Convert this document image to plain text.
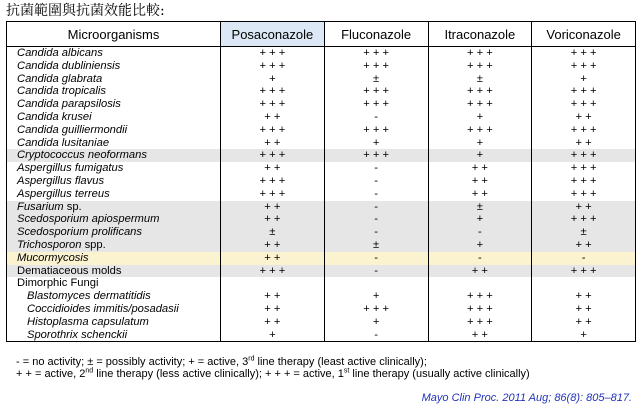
抗菌範圍與抗菌效能比較:
Microorganisms	Posaconazole	Fluconazole	Itraconazole	Voriconazole
Candida albicans	+ + +	+ + +	+ + +	+ + +
Candida dubliniensis	+ + +	+ + +	+ + +	+ + +
Candida glabrata	+	±	±	+
Candida tropicalis	+ + +	+ + +	+ + +	+ + +
Candida parapsilosis	+ + +	+ + +	+ + +	+ + +
Candida krusei	+ +	-	+	+ +
Candida guilliermondii	+ + +	+ + +	+ + +	+ + +
Candida lusitaniae	+ +	+	+	+ +
Cryptococcus neoformans	+ + +	+ + +	+	+ + +
Aspergillus fumigatus	+ +	-	+ +	+ + +
Aspergillus flavus	+ + +	-	+ +	+ + +
Aspergillus terreus	+ + +	-	+ +	+ + +
Fusarium sp.	+ +	-	±	+ +
Scedosporium apiospermum	+ +	-	+	+ + +
Scedosporium prolificans	±	-	-	±
Trichosporon spp.	+ +	±	+	+ +
Mucormycosis	+ +	-	-	-
Dematiaceous molds	+ + +	-	+ +	+ + +
Dimorphic Fungi				
Blastomyces dermatitidis	+ +	+	+ + +	+ +
Coccidioides immitis/posadasii	+ +	+ + +	+ + +	+ +
Histoplasma capsulatum	+ +	+	+ + +	+ +
Sporothrix schenckii	+	-	+ +	+
- = no activity; ± = possibly activity; + = active, 3rd line therapy (least active clinically);
+ + = active, 2nd line therapy (less active clinically); + + + = active, 1st line therapy (usually active clinically)
Mayo Clin Proc. 2011 Aug; 86(8): 805–817.
